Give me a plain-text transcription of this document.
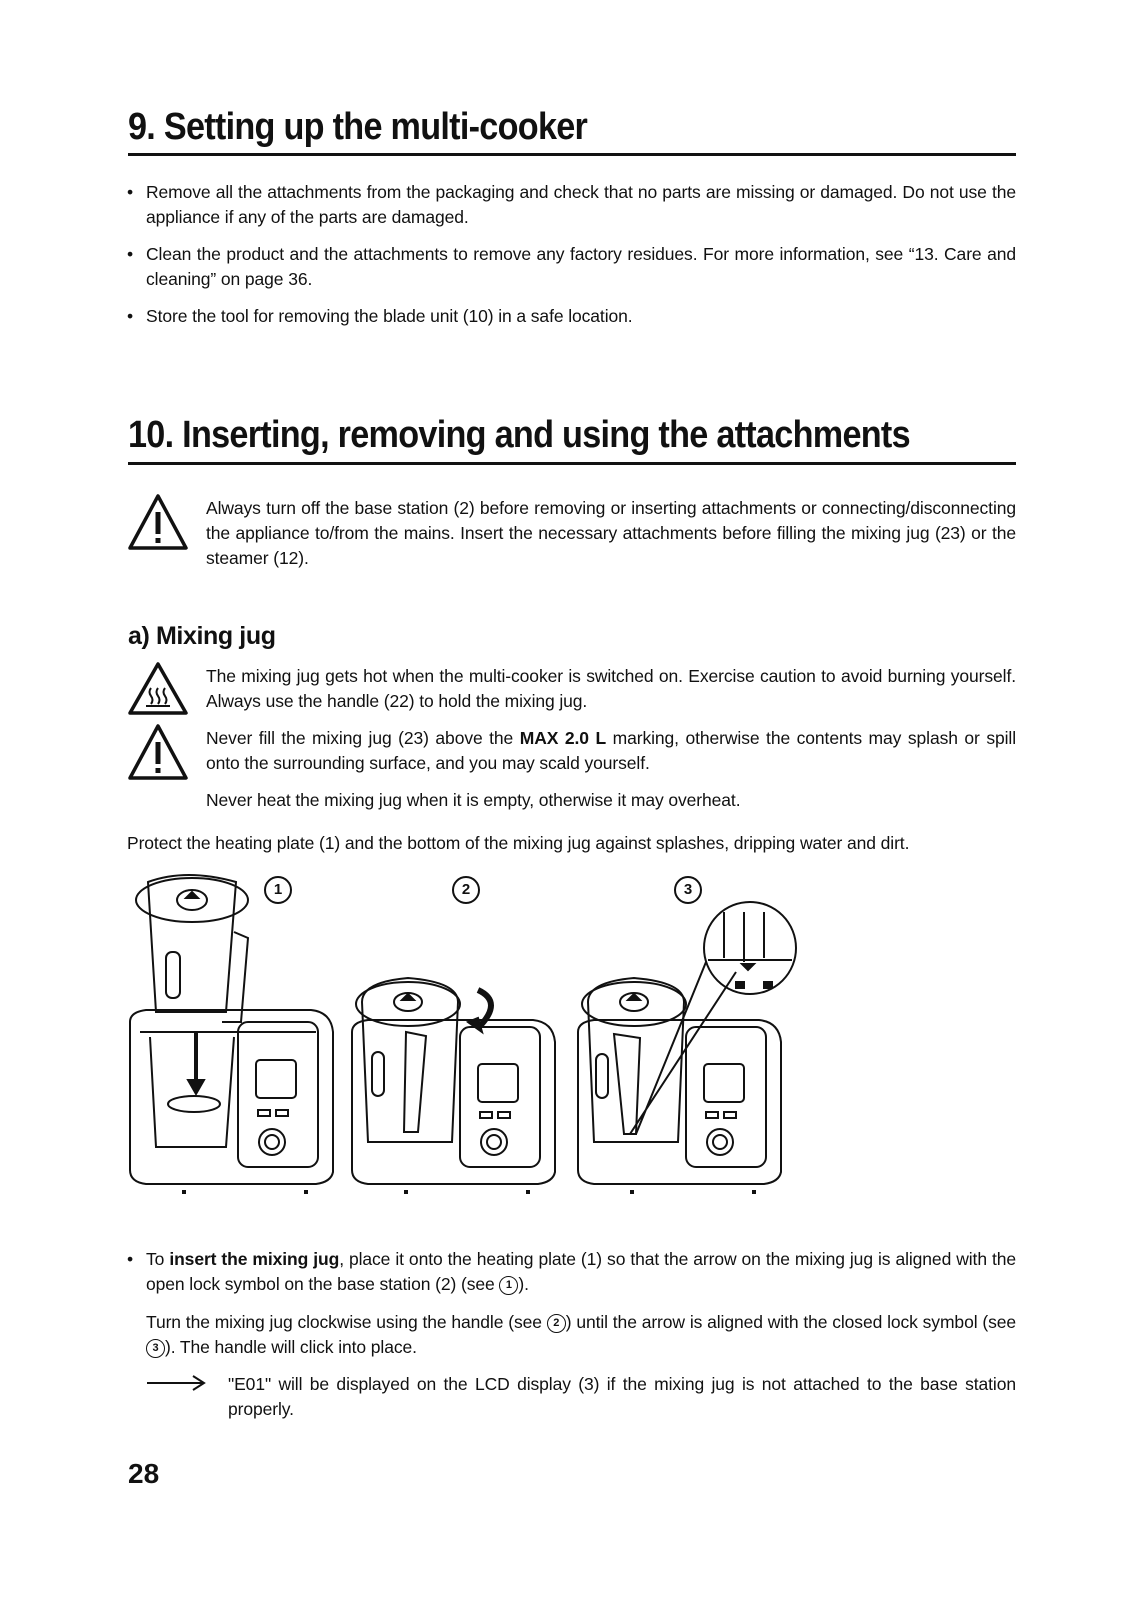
9. Setting up the multi-cooker
• Remove all the attachments from the packaging and check that no parts are missing or damaged. Do not use the appliance if any of the parts are damaged.
• Clean the product and the attachments to remove any factory residues. For more information, see “13. Care and cleaning” on page 36.
• Store the tool for removing the blade unit (10) in a safe location.
10. Inserting, removing and using the attachments
Always turn off the base station (2) before removing or inserting attachments or connecting/disconnecting the appliance to/from the mains. Insert the necessary attachments before filling the mixing jug (23) or the steamer (12).
a) Mixing jug
The mixing jug gets hot when the multi-cooker is switched on. Exercise caution to avoid burning yourself. Always use the handle (22) to hold the mixing jug.
Never fill the mixing jug (23) above the MAX 2.0 L marking, otherwise the contents may splash or spill onto the surrounding surface, and you may scald yourself.
Never heat the mixing jug when it is empty, otherwise it may overheat.
Protect the heating plate (1) and the bottom of the mixing jug against splashes, dripping water and dirt.
1	2	3
• To insert the mixing jug, place it onto the heating plate (1) so that the arrow on the mixing jug is aligned with the open lock symbol on the base station (2) (see 1 ).
Turn the mixing jug clockwise using the handle (see 2 ) until the arrow is aligned with the closed lock symbol (see 3 ). The handle will click into place.
"E01" will be displayed on the LCD display (3) if the mixing jug is not attached to the base station properly.
28
